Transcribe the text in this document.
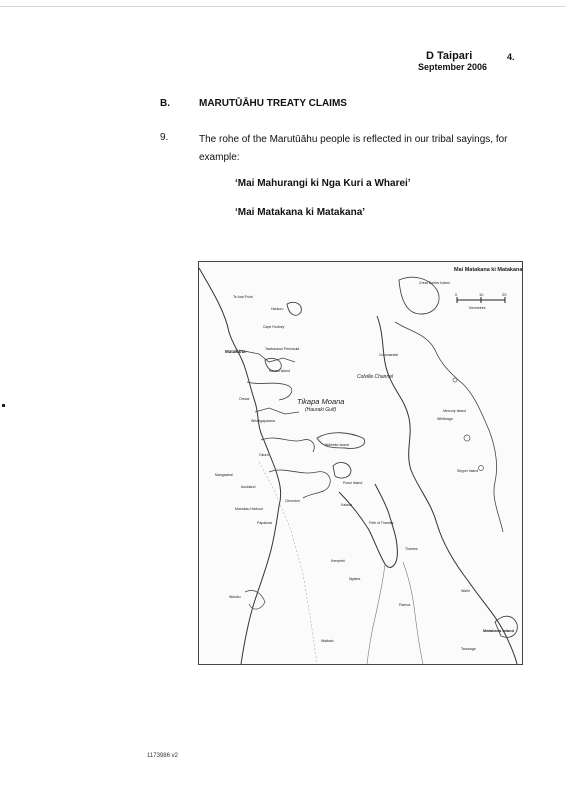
D Taipari	4.
September 2006
B.	MARUTŪĀHU TREATY CLAIMS
9.	The rohe of the Marutūāhu people is reflected in our tribal sayings, for example:
‘Mai Mahurangi ki Nga Kuri a Wharei’
‘Mai Matakana ki Matakana’
Mai Matakana ki Matakana
0	10	20
Kilometres
Tikapa Moana
(Hauraki Gulf)
Te Arai Point
Hauturu
Cape Rodney
Matakana	Tawharanui Peninsula
Kawau Island
Orewa
Whangaparaoa
Okura
Auckland
Waiheke Island
Ponui Island
Clevedon
Mangawhai
Manukau Harbour
Papakura
Waiuku
Kaiaua
Coromandel
Great Barrier Island
Colville Channel
Mercury Island
Whitianga
Slipper Island
Firth of Thames
Thames
Ngatea
Kerepehi
Paeroa
Waihi
Waikato
Matakana Island
Tauranga
1173986 v2
